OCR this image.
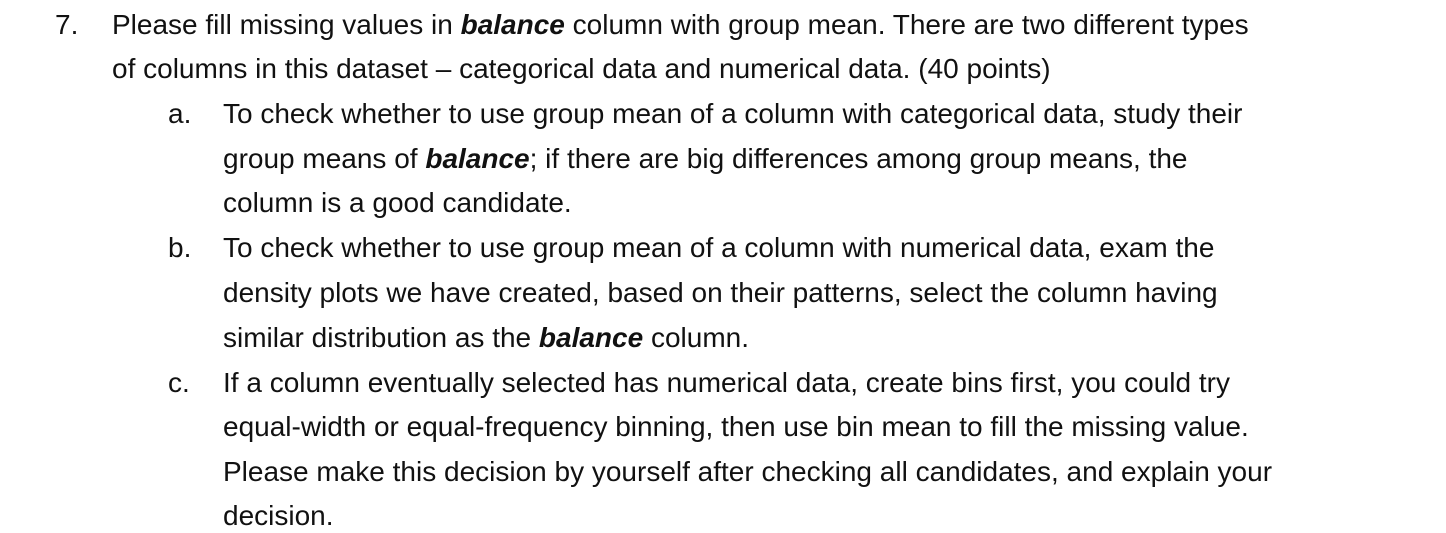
7. Please fill missing values in balance column with group mean. There are two different types
of columns in this dataset – categorical data and numerical data. (40 points)
a. To check whether to use group mean of a column with categorical data, study their
group means of balance; if there are big differences among group means, the
column is a good candidate.
b. To check whether to use group mean of a column with numerical data, exam the
density plots we have created, based on their patterns, select the column having
similar distribution as the balance column.
c. If a column eventually selected has numerical data, create bins first, you could try
equal-width or equal-frequency binning, then use bin mean to fill the missing value.
Please make this decision by yourself after checking all candidates, and explain your
decision.
